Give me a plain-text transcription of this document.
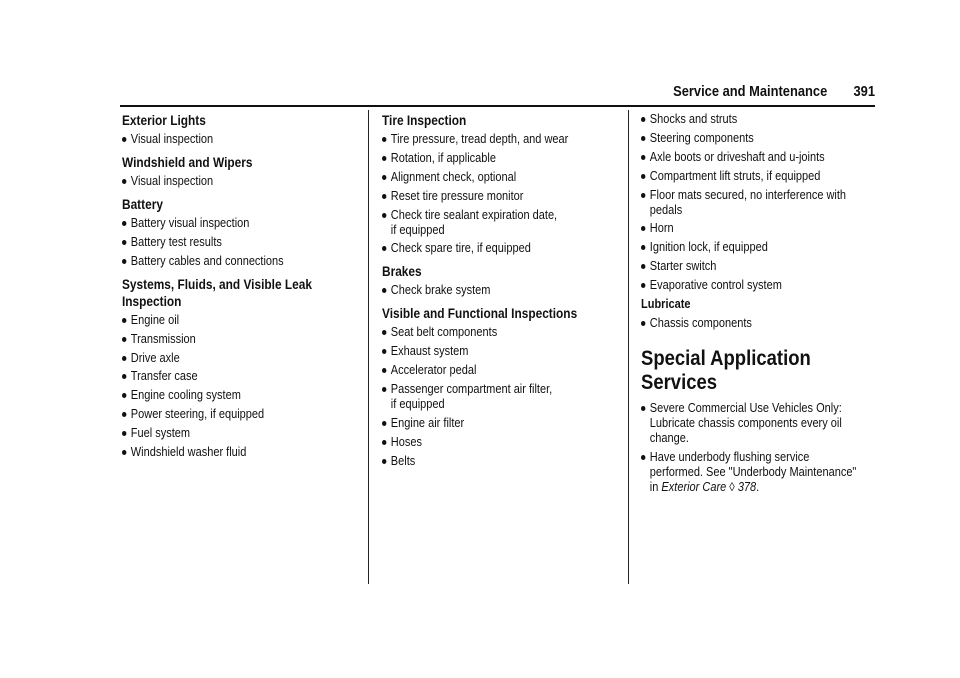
Service and Maintenance 391
Exterior Lights
Visual inspection
Windshield and Wipers
Visual inspection
Battery
Battery visual inspection
Battery test results
Battery cables and connections
Systems, Fluids, and Visible Leak
Inspection
Engine oil
Transmission
Drive axle
Transfer case
Engine cooling system
Power steering, if equipped
Fuel system
Windshield washer fluid
Tire Inspection
Tire pressure, tread depth, and wear
Rotation, if applicable
Alignment check, optional
Reset tire pressure monitor
Check tire sealant expiration date,
if equipped
Check spare tire, if equipped
Brakes
Check brake system
Visible and Functional Inspections
Seat belt components
Exhaust system
Accelerator pedal
Passenger compartment air filter,
if equipped
Engine air filter
Hoses
Belts
Shocks and struts
Steering components
Axle boots or driveshaft and u-joints
Compartment lift struts, if equipped
Floor mats secured, no interference with
pedals
Horn
Ignition lock, if equipped
Starter switch
Evaporative control system
Lubricate
Chassis components
Special Application Services
Severe Commercial Use Vehicles Only:
Lubricate chassis components every oil
change.
Have underbody flushing service
performed. See "Underbody Maintenance"
in Exterior Care ◊ 378.
